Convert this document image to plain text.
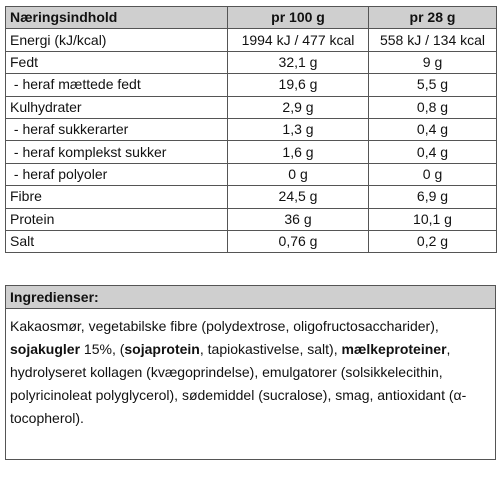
Næringsindhold	pr 100 g	pr 28 g
Energi (kJ/kcal)	1994 kJ / 477 kcal	558 kJ / 134 kcal
Fedt	32,1 g	9 g
- heraf mættede fedt	19,6 g	5,5 g
Kulhydrater	2,9 g	0,8 g
- heraf sukkerarter	1,3 g	0,4 g
- heraf komplekst sukker	1,6 g	0,4 g
- heraf polyoler	0 g	0 g
Fibre	24,5 g	6,9 g
Protein	36 g	10,1 g
Salt	0,76 g	0,2 g
Ingredienser:
Kakaosmør, vegetabilske fibre (polydextrose, oligofructosaccharider), sojakugler 15%, (sojaprotein, tapiokastivelse, salt), mælkeproteiner, hydrolyseret kollagen (kvægoprindelse), emulgatorer (solsikkelecithin, polyricinoleat polyglycerol), sødemiddel (sucralose), smag, antioxidant (α-tocopherol).
